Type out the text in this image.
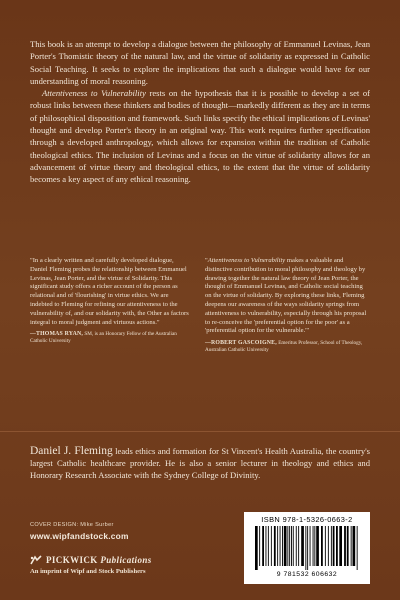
This book is an attempt to develop a dialogue between the philosophy of Emmanuel Levinas, Jean Porter's Thomistic theory of the natural law, and the virtue of solidarity as expressed in Catholic Social Teaching. It seeks to explore the implications that such a dialogue would have for our understanding of moral reasoning.

Attentiveness to Vulnerability rests on the hypothesis that it is possible to develop a set of robust links between these thinkers and bodies of thought—markedly different as they are in terms of philosophical disposition and framework. Such links specify the ethical implications of Levinas' thought and develop Porter's theory in an original way. This work requires further specification through a developed anthropology, which allows for expansion within the tradition of Catholic theological ethics. The inclusion of Levinas and a focus on the virtue of solidarity allows for an advancement of virtue theory and theological ethics, to the extent that the virtue of solidarity becomes a key aspect of any ethical reasoning.

"In a clearly written and carefully developed dialogue, Daniel Fleming probes the relationship between Emmanuel Levinas, Jean Porter, and the virtue of Solidarity. This significant study offers a richer account of the person as relational and of 'flourishing' in virtue ethics. We are indebted to Fleming for refining our attentiveness to the vulnerability of, and our solidarity with, the Other as factors integral to moral judgment and virtuous actions."

—THOMAS RYAN, SM, is an Honorary Fellow of the Australian Catholic University

"Attentiveness to Vulnerability makes a valuable and distinctive contribution to moral philosophy and theology by drawing together the natural law theory of Jean Porter, the thought of Emmanuel Levinas, and Catholic social teaching on the virtue of solidarity. By exploring these links, Fleming deepens our awareness of the ways solidarity springs from attentiveness to vulnerability, especially through his proposal to re-conceive the 'preferential option for the poor' as a 'preferential option for the vulnerable.'"

—ROBERT GASCOIGNE, Emeritus Professor, School of Theology, Australian Catholic University

Daniel J. Fleming leads ethics and formation for St Vincent's Health Australia, the country's largest Catholic healthcare provider. He is also a senior lecturer in theology and ethics and Honorary Research Associate with the Sydney College of Divinity.
COVER DESIGN: Mike Surber
www.wipfandstock.com
PICKWICK Publications
An imprint of Wipf and Stock Publishers
ISBN 978-1-5326-0663-2
9 781532 606632
